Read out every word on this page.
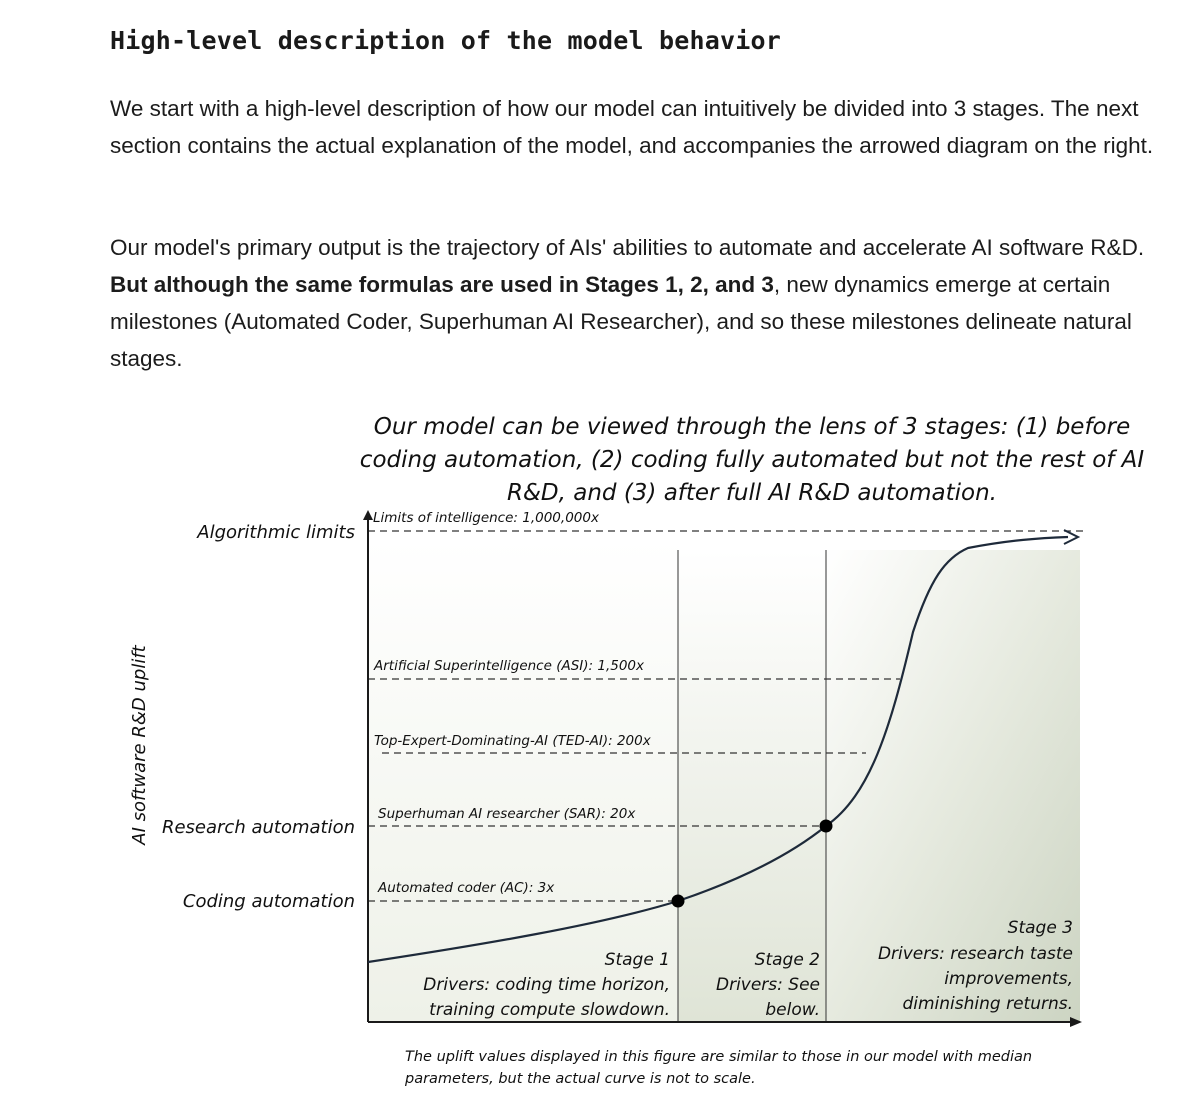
High-level description of the model behavior

We start with a high-level description of how our model can intuitively be divided into 3 stages. The next section contains the actual explanation of the model, and accompanies the arrowed diagram on the right.

Our model's primary output is the trajectory of AIs' abilities to automate and accelerate AI software R&D. But although the same formulas are used in Stages 1, 2, and 3, new dynamics emerge at certain milestones (Automated Coder, Superhuman AI Researcher), and so these milestones delineate natural stages.

Our model can be viewed through the lens of 3 stages: (1) before
coding automation, (2) coding fully automated but not the rest of AI
R&D, and (3) after full AI R&D automation.
AI software R&D uplift
Algorithmic limits
Research automation
Coding automation
Limits of intelligence: 1,000,000x
Artificial Superintelligence (ASI): 1,500x
Top-Expert-Dominating-AI (TED-AI): 200x
Superhuman AI researcher (SAR): 20x
Automated coder (AC): 3x
Stage 1
Drivers: coding time horizon,
training compute slowdown.
Stage 2
Drivers: See
below.
Stage 3
Drivers: research taste
improvements,
diminishing returns.
The uplift values displayed in this figure are similar to those in our model with median
parameters, but the actual curve is not to scale.
